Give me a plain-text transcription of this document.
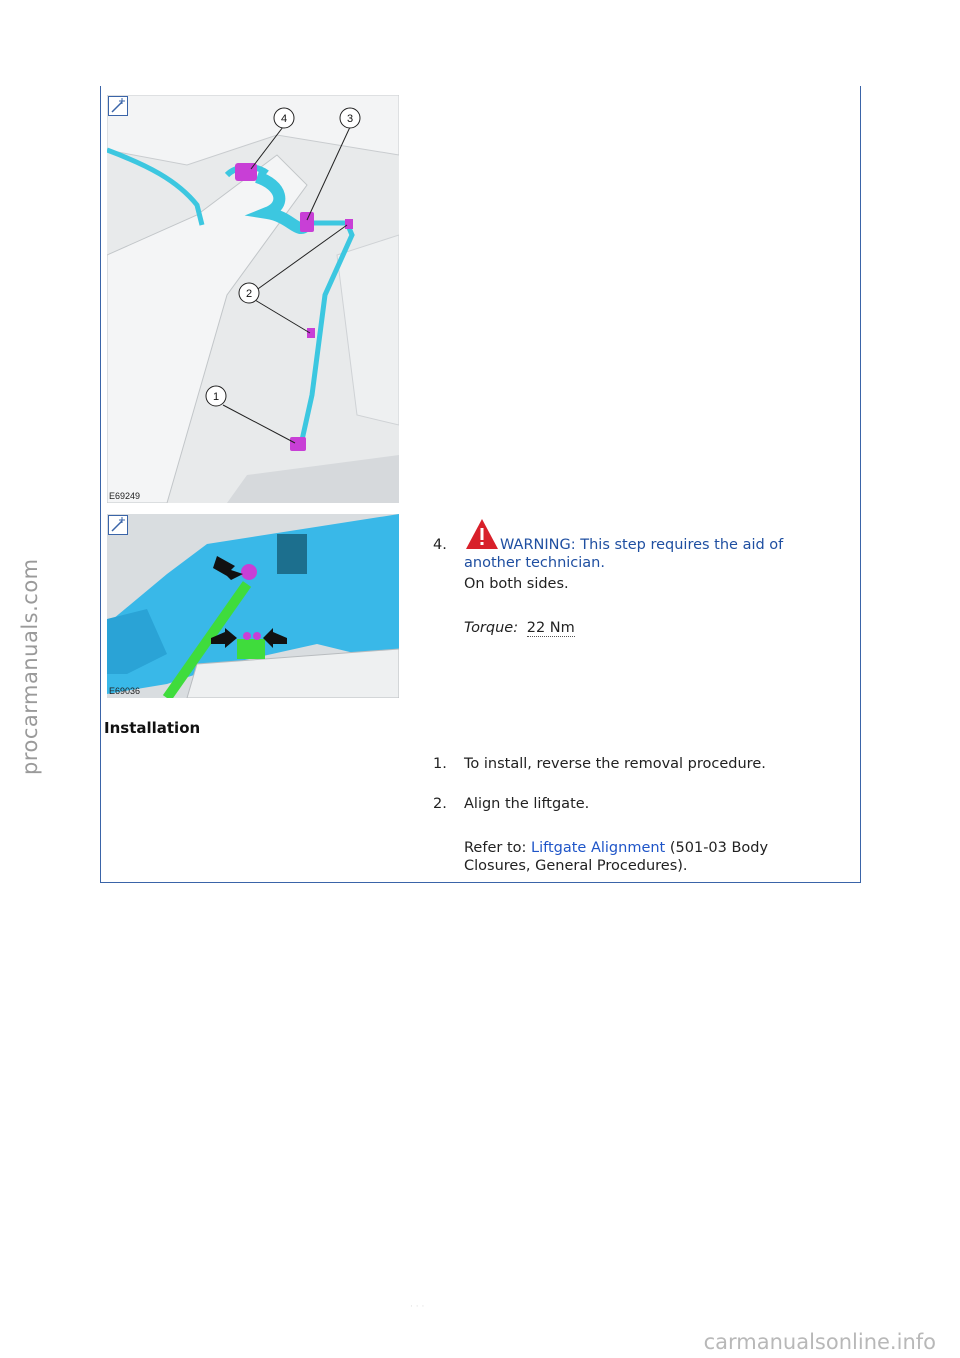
procarmanuals.com
4	3
2
1
E69249
E69036
4.	WARNING: This step requires the aid of another technician.
On both sides.
Torque: 22 Nm
Installation
1. To install, reverse the removal procedure.
2. Align the liftgate.
Refer to: Liftgate Alignment (501-03 Body Closures, General Procedures).
· · ·
carmanualsonline.info
